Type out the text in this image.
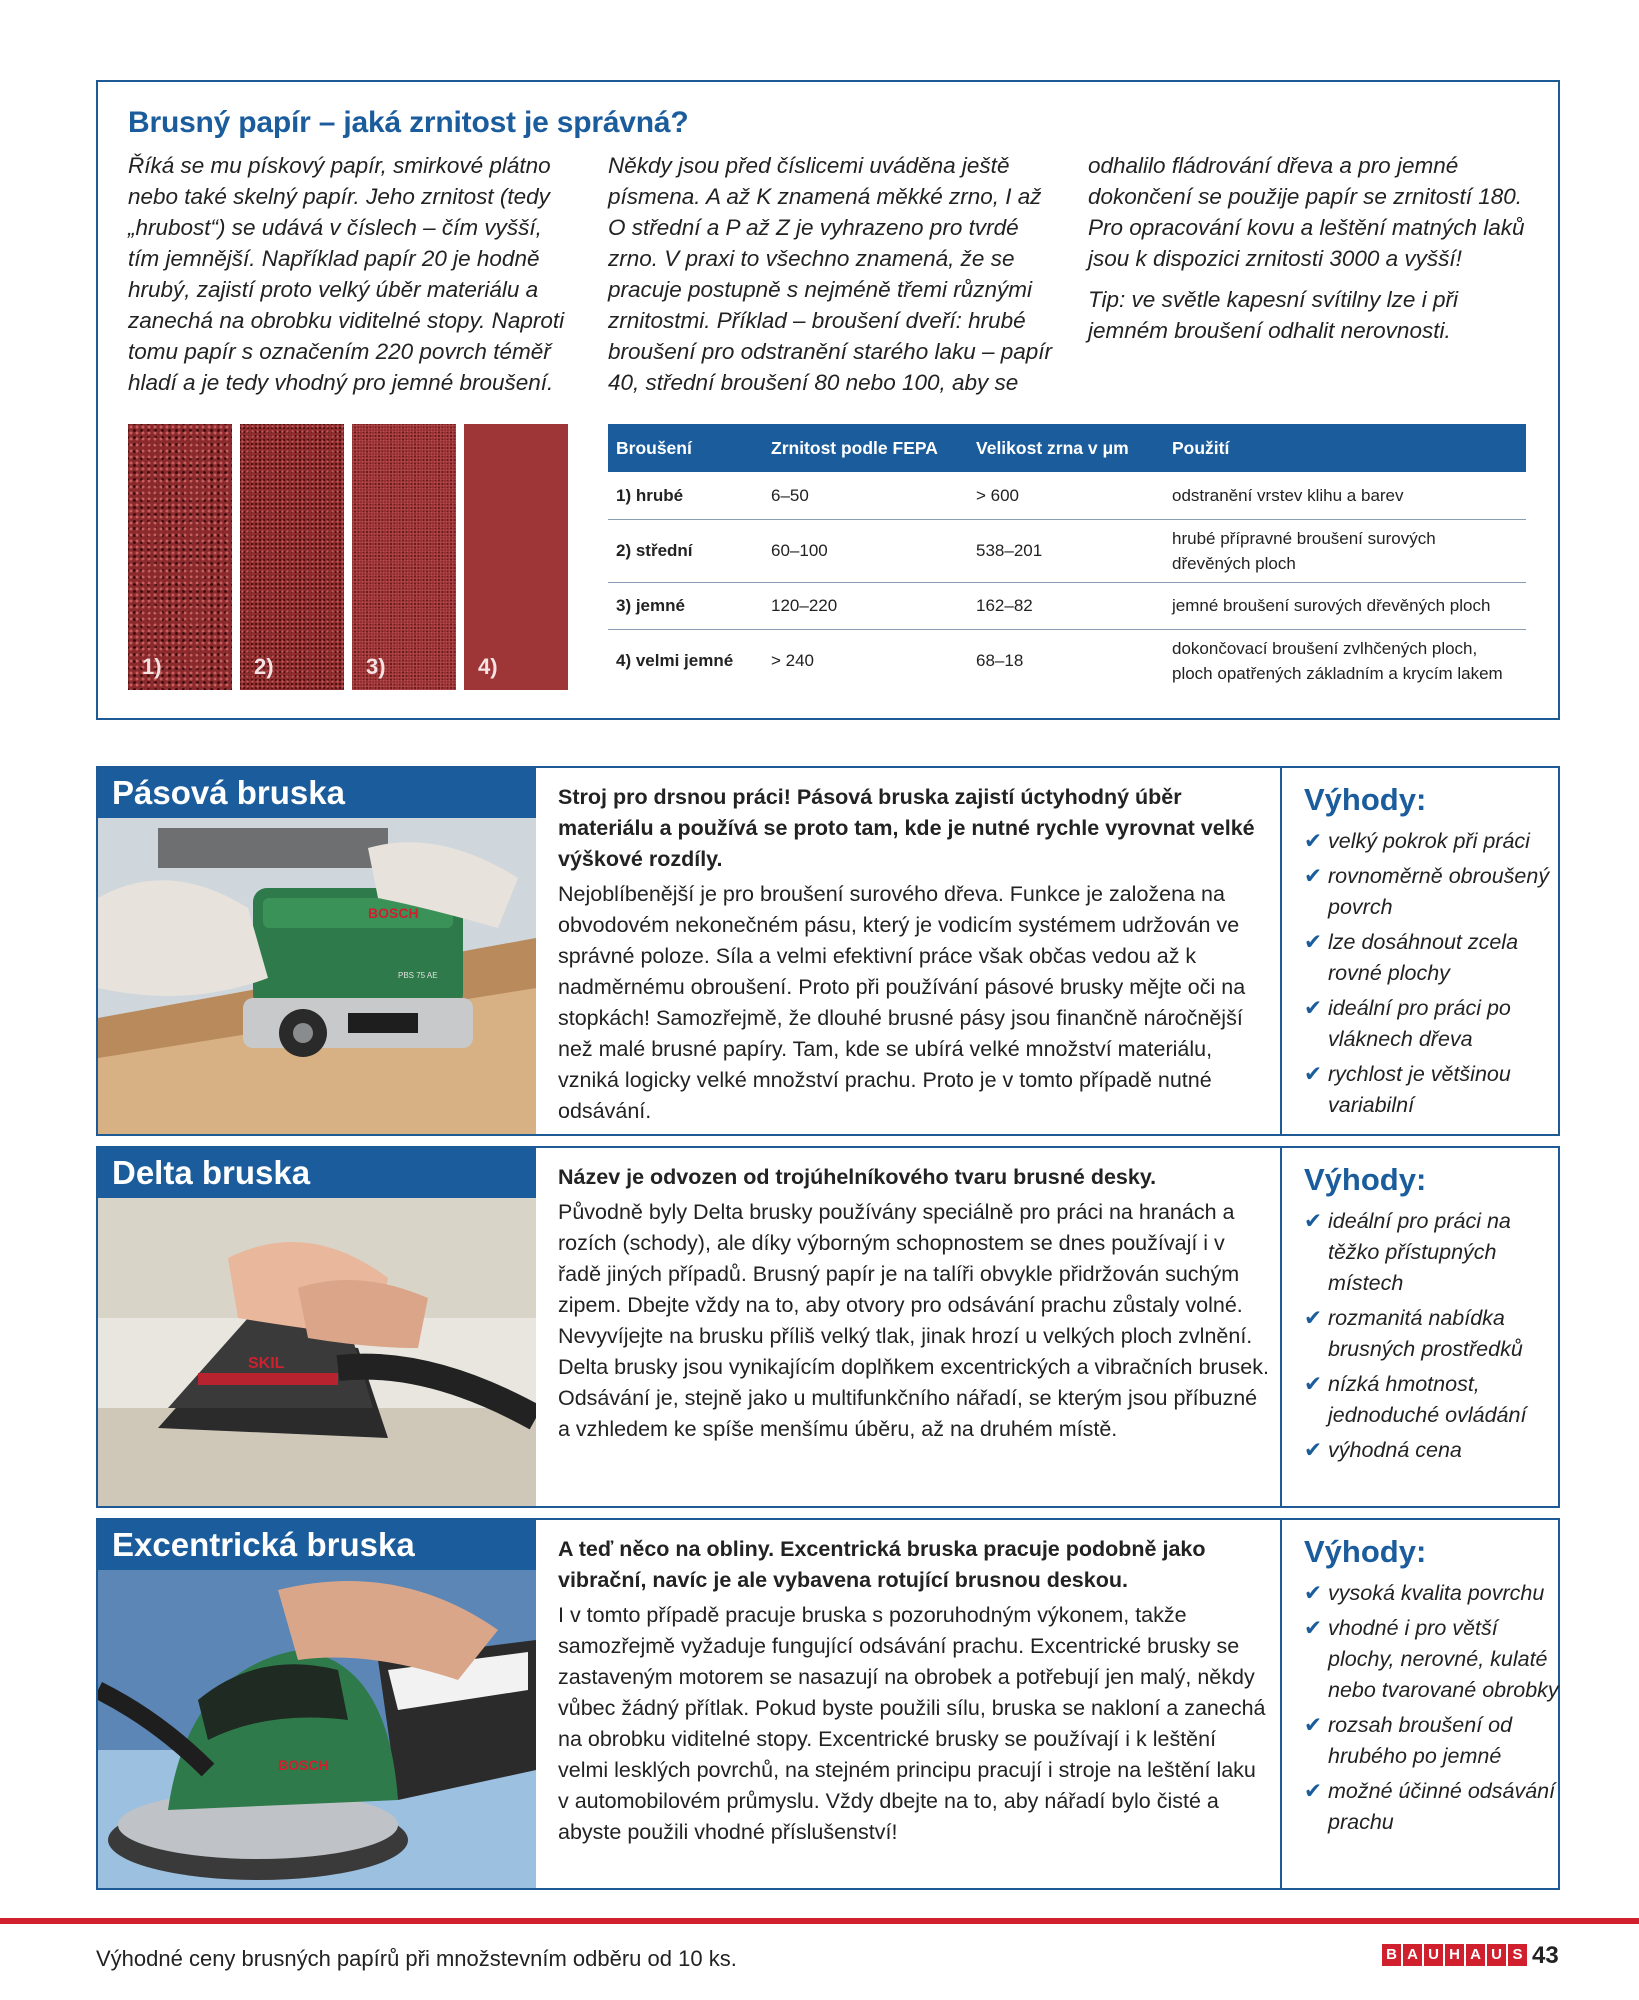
Brusný papír – jaká zrnitost je správná?

Říká se mu pískový papír, smirkové plátno nebo také skelný papír. Jeho zrnitost (tedy „hrubost“) se udává v číslech – čím vyšší, tím jemnější. Například papír 20 je hodně hrubý, zajistí proto velký úběr materiálu a zanechá na obrobku viditelné stopy. Naproti tomu papír s označením 220 povrch téměř hladí a je tedy vhodný pro jemné broušení.

Někdy jsou před číslicemi uváděna ještě písmena. A až K znamená měkké zrno, I až O střední a P až Z je vyhrazeno pro tvrdé zrno. V praxi to všechno znamená, že se pracuje postupně s nejméně třemi různými zrnitostmi. Příklad – broušení dveří: hrubé broušení pro odstranění starého laku – papír 40, střední broušení 80 nebo 100, aby se

odhalilo fládrování dřeva a pro jemné dokončení se použije papír se zrnitostí 180. Pro opracování kovu a leštění matných laků jsou k dispozici zrnitosti 3000 a vyšší!

Tip: ve světle kapesní svítilny lze i při jemném broušení odhalit nerovnosti.

1)	2)	3)	4)
Broušení	Zrnitost podle FEPA	Velikost zrna v μm	Použití
1) hrubé	6–50	> 600	odstranění vrstev klihu a barev
2) střední	60–100	538–201	hrubé přípravné broušení surových dřevěných ploch
3) jemné	120–220	162–82	jemné broušení surových dřevěných ploch
4) velmi jemné	> 240	68–18	dokončovací broušení zvlhčených ploch, ploch opatřených základním a krycím lakem
Pásová bruska
BOSCH
PBS 75 AE

Stroj pro drsnou práci! Pásová bruska zajistí úctyhodný úběr materiálu a používá se proto tam, kde je nutné rychle vyrovnat velké výškové rozdíly.

Nejoblíbenější je pro broušení surového dřeva. Funkce je založena na obvodovém nekonečném pásu, který je vodicím systémem udržován ve správné poloze. Síla a velmi efektivní práce však občas vedou až k nadměrnému obroušení. Proto při používání pásové brusky mějte oči na stopkách! Samozřejmě, že dlouhé brusné pásy jsou finančně náročnější než malé brusné papíry. Tam, kde se ubírá velké množství materiálu, vzniká logicky velké množství prachu. Proto je v tomto případě nutné odsávání.

Výhody:
✔ velký pokrok při práci
✔ rovnoměrně obroušený povrch
✔ lze dosáhnout zcela rovné plochy
✔ ideální pro práci po vláknech dřeva
✔ rychlost je většinou variabilní
Delta bruska
SKIL

Název je odvozen od trojúhelníkového tvaru brusné desky.

Původně byly Delta brusky používány speciálně pro práci na hranách a rozích (schody), ale díky výborným schopnostem se dnes používají i v řadě jiných případů. Brusný papír je na talíři obvykle přidržován suchým zipem. Dbejte vždy na to, aby otvory pro odsávání prachu zůstaly volné. Nevyvíjejte na brusku příliš velký tlak, jinak hrozí u velkých ploch zvlnění. Delta brusky jsou vynikajícím doplňkem excentrických a vibračních brusek. Odsávání je, stejně jako u multifunkčního nářadí, se kterým jsou příbuzné a vzhledem ke spíše menšímu úběru, až na druhém místě.

Výhody:
✔ ideální pro práci na těžko přístupných místech
✔ rozmanitá nabídka brusných prostředků
✔ nízká hmotnost, jednoduché ovládání
✔ výhodná cena
Excentrická bruska
BOSCH

A teď něco na obliny. Excentrická bruska pracuje podobně jako vibrační, navíc je ale vybavena rotující brusnou deskou.

I v tomto případě pracuje bruska s pozoruhodným výkonem, takže samozřejmě vyžaduje fungující odsávání prachu. Excentrické brusky se zastaveným motorem se nasazují na obrobek a potřebují jen malý, někdy vůbec žádný přítlak. Pokud byste použili sílu, bruska se nakloní a zanechá na obrobku viditelné stopy. Excentrické brusky se používají i k leštění velmi lesklých povrchů, na stejném principu pracují i stroje na leštění laku v automobilovém průmyslu. Vždy dbejte na to, aby nářadí bylo čisté a abyste použili vhodné příslušenství!

Výhody:
✔ vysoká kvalita povrchu
✔ vhodné i pro větší plochy, nerovné, kulaté nebo tvarované obrobky
✔ rozsah broušení od hrubého po jemné
✔ možné účinné odsávání prachu
Výhodné ceny brusných papírů při množstevním odběru od 10 ks.	B A U H A U S 43
